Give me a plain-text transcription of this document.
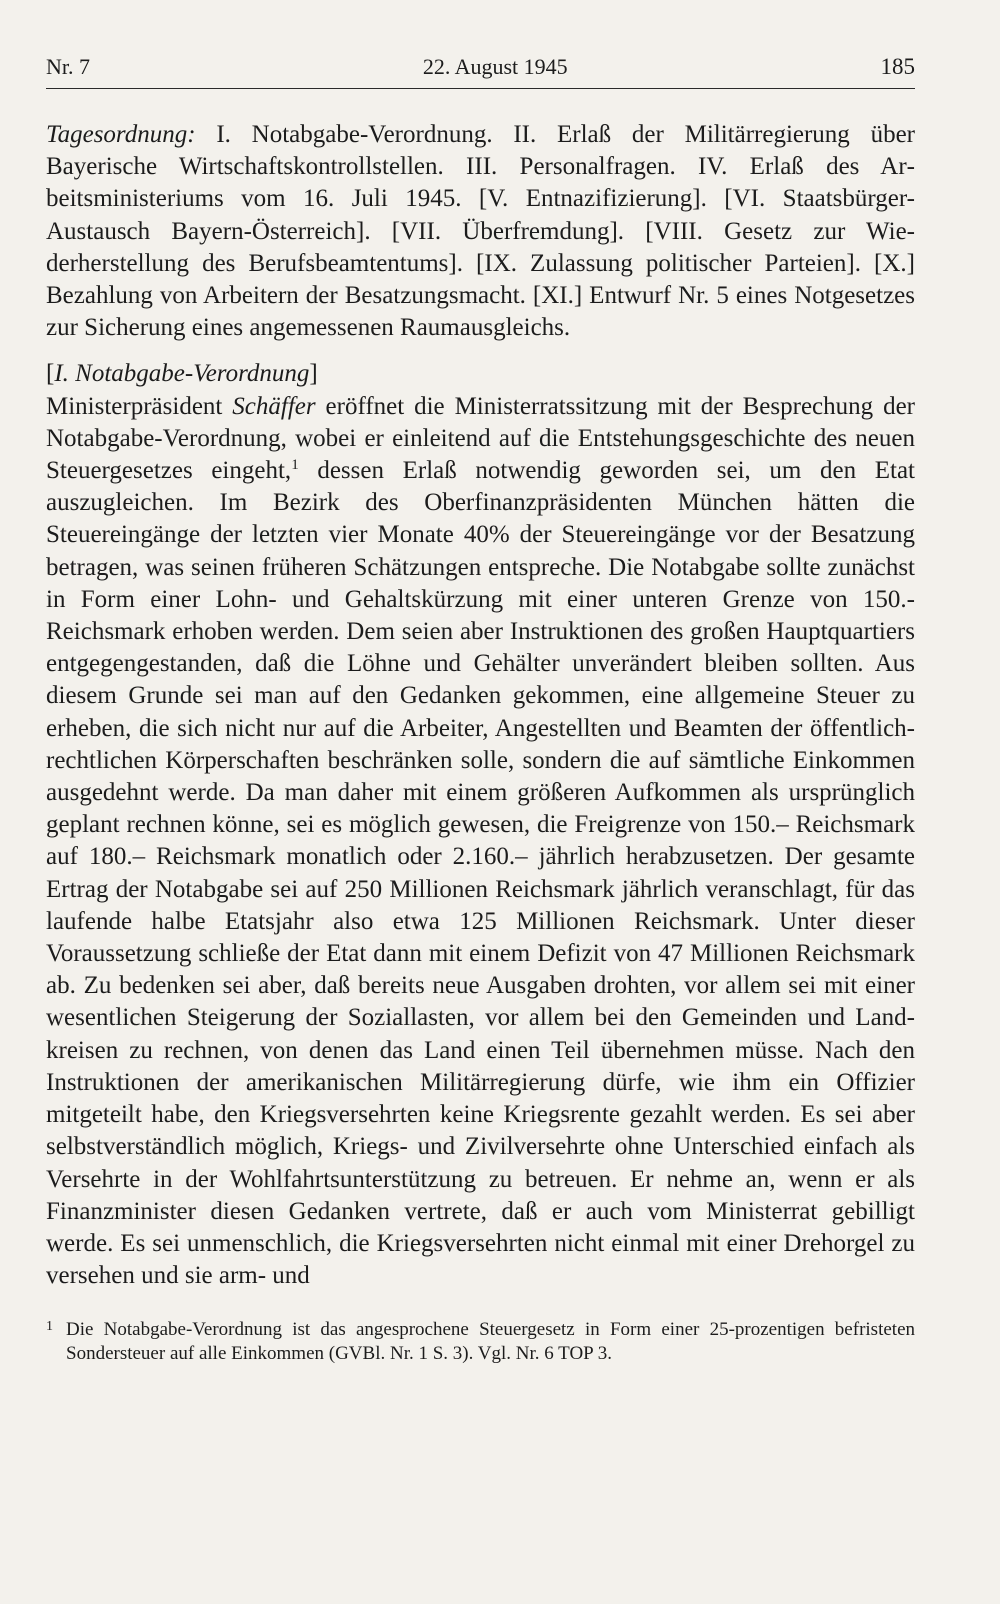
Nr. 7	22. August 1945	185

Tagesordnung: I. Notabgabe-Verordnung. II. Erlaß der Militärregierung über Bayerische Wirtschaftskontrollstellen. III. Personalfragen. IV. Erlaß des Arbeitsministeriums vom 16. Juli 1945. [V. Entnazifizierung]. [VI. Staatsbürger-Austausch Bayern-Österreich]. [VII. Überfremdung]. [VIII. Gesetz zur Wiederherstellung des Berufsbeamtentums]. [IX. Zulassung politischer Parteien]. [X.] Bezahlung von Arbeitern der Besatzungsmacht. [XI.] Entwurf Nr. 5 eines Notgesetzes zur Sicherung eines angemessenen Raumausgleichs.

[I. Notabgabe-Verordnung]

Ministerpräsident Schäffer eröffnet die Ministerratssitzung mit der Besprechung der Notabgabe-Verordnung, wobei er einleitend auf die Entstehungsgeschichte des neuen Steuergesetzes eingeht,$^1$ dessen Erlaß notwendig geworden sei, um den Etat auszugleichen. Im Bezirk des Oberfinanzpräsidenten München hätten die Steuereingänge der letzten vier Monate 40% der Steuereingänge vor der Besatzung betragen, was seinen früheren Schätzungen entspreche. Die Notabgabe sollte zunächst in Form einer Lohn- und Gehaltskürzung mit einer unteren Grenze von 150.- Reichsmark erhoben werden. Dem seien aber Instruktionen des großen Hauptquartiers entgegengestanden, daß die Löhne und Gehälter unverändert bleiben sollten. Aus diesem Grunde sei man auf den Gedanken gekommen, eine allgemeine Steuer zu erheben, die sich nicht nur auf die Arbeiter, Angestellten und Beamten der öffentlich-rechtlichen Körperschaften beschränken solle, sondern die auf sämtliche Einkommen ausgedehnt werde. Da man daher mit einem größeren Aufkommen als ursprünglich geplant rechnen könne, sei es möglich gewesen, die Freigrenze von 150.– Reichsmark auf 180.– Reichsmark monatlich oder 2.160.– jährlich herabzusetzen. Der gesamte Ertrag der Notabgabe sei auf 250 Millionen Reichsmark jährlich veranschlagt, für das laufende halbe Etatsjahr also etwa 125 Millionen Reichsmark. Unter dieser Voraussetzung schließe der Etat dann mit einem Defizit von 47 Millionen Reichsmark ab. Zu bedenken sei aber, daß bereits neue Ausgaben drohten, vor allem sei mit einer wesentlichen Steigerung der Soziallasten, vor allem bei den Gemeinden und Landkreisen zu rechnen, von denen das Land einen Teil übernehmen müsse. Nach den Instruktionen der amerikanischen Militärregierung dürfe, wie ihm ein Offizier mitgeteilt habe, den Kriegsversehrten keine Kriegsrente gezahlt werden. Es sei aber selbstverständlich möglich, Kriegs- und Zivilversehrte ohne Unterschied einfach als Versehrte in der Wohlfahrtsunterstützung zu betreuen. Er nehme an, wenn er als Finanzminister diesen Gedanken vertrete, daß er auch vom Ministerrat gebilligt werde. Es sei unmenschlich, die Kriegsversehrten nicht einmal mit einer Drehorgel zu versehen und sie arm- und

1 Die Notabgabe-Verordnung ist das angesprochene Steuergesetz in Form einer 25-prozentigen befristeten Sondersteuer auf alle Einkommen (GVBl. Nr. 1 S. 3). Vgl. Nr. 6 TOP 3.
